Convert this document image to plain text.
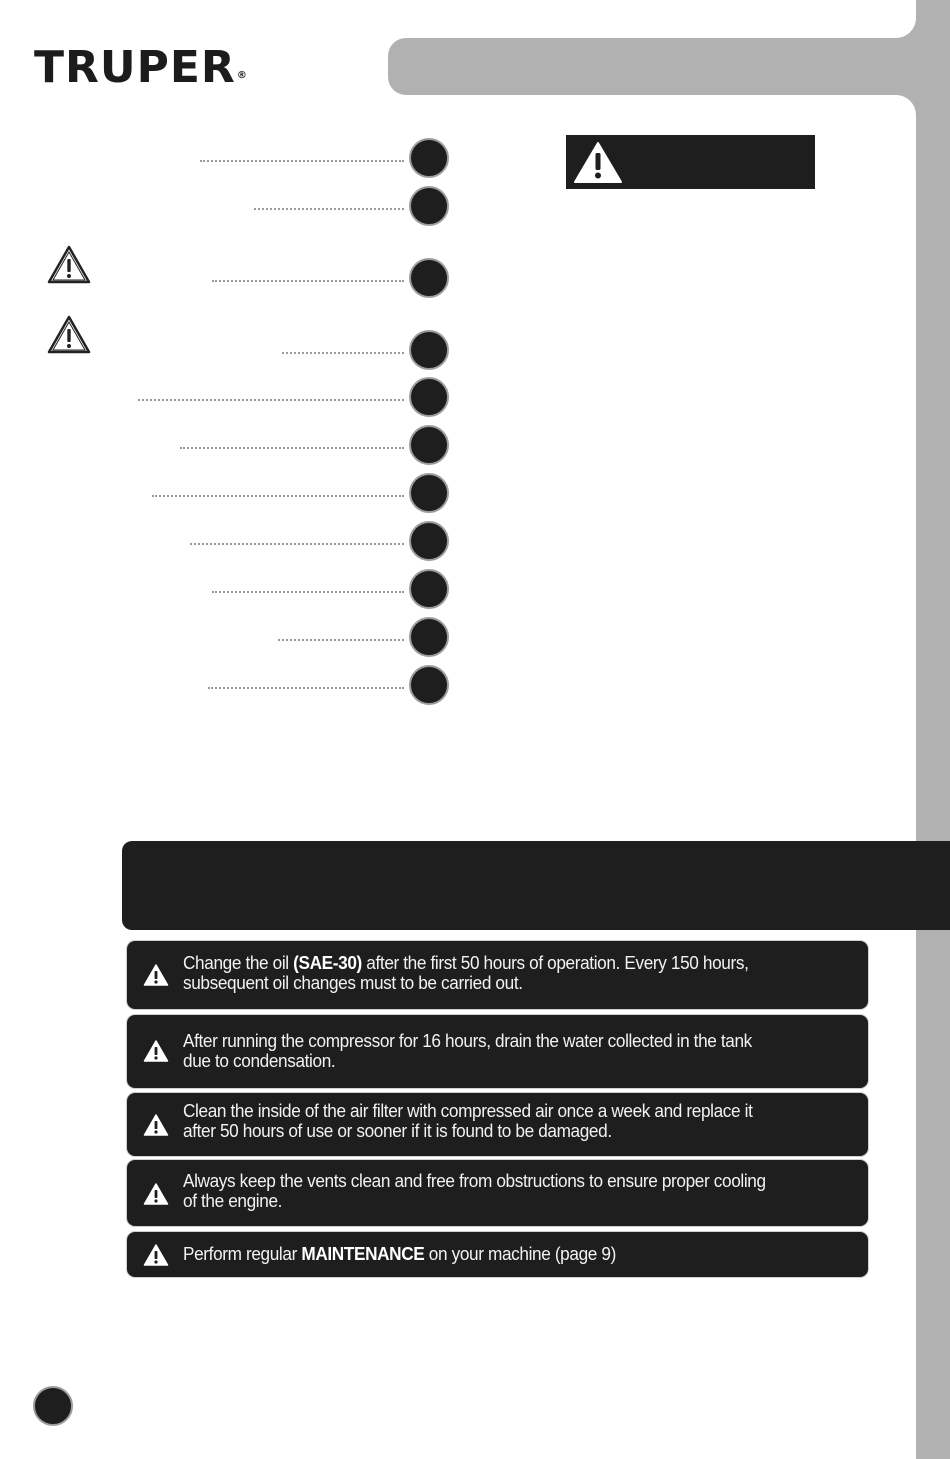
TRUPER®
Change the oil (SAE-30) after the first 50 hours of operation. Every 150 hours, subsequent oil changes must to be carried out.
After running the compressor for 16 hours, drain the water collected in the tank due to condensation.
Clean the inside of the air filter with compressed air once a week and replace it after 50 hours of use or sooner if it is found to be damaged.
Always keep the vents clean and free from obstructions to ensure proper cooling of the engine.
Perform regular MAINTENANCE on your machine (page 9)
